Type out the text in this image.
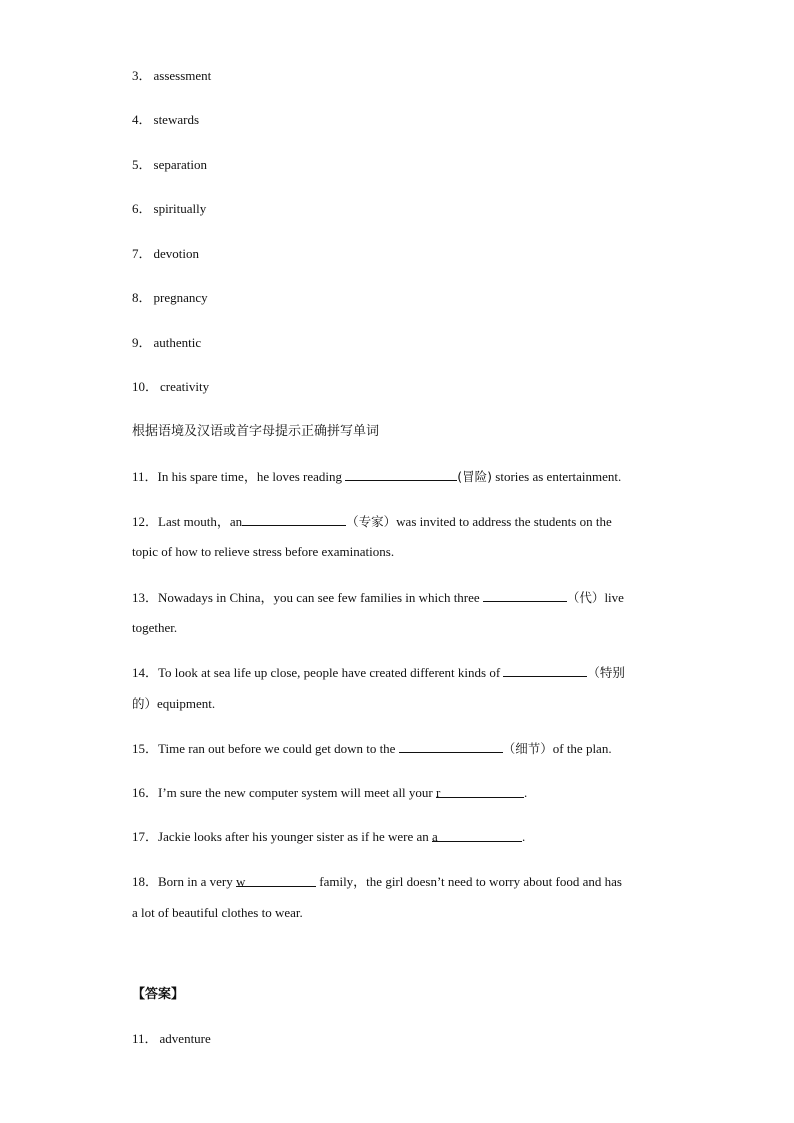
3． assessment
4． stewards
5． separation
6． spiritually
7． devotion
8． pregnancy
9． authentic
10． creativity
根据语境及汉语或首字母提示正确拼写单词
11．In his spare time，he loves reading	(冒险) stories as entertainment.
12．Last mouth，an	（专家）was invited to address the students on the
topic of how to relieve stress before examinations.
13．Nowadays in China，you can see few families in which three	（代）live
together.
14．To look at sea life up close, people have created different kinds of	（特别
的）equipment.
15．Time ran out before we could get down to the	（细节）of the plan.
16．I’m sure the new computer system will meet all your r	.
17．Jackie looks after his younger sister as if he were an a	.
18．Born in a very w	family，the girl doesn’t need to worry about food and has
a lot of beautiful clothes to wear.
【答案】
11． adventure
